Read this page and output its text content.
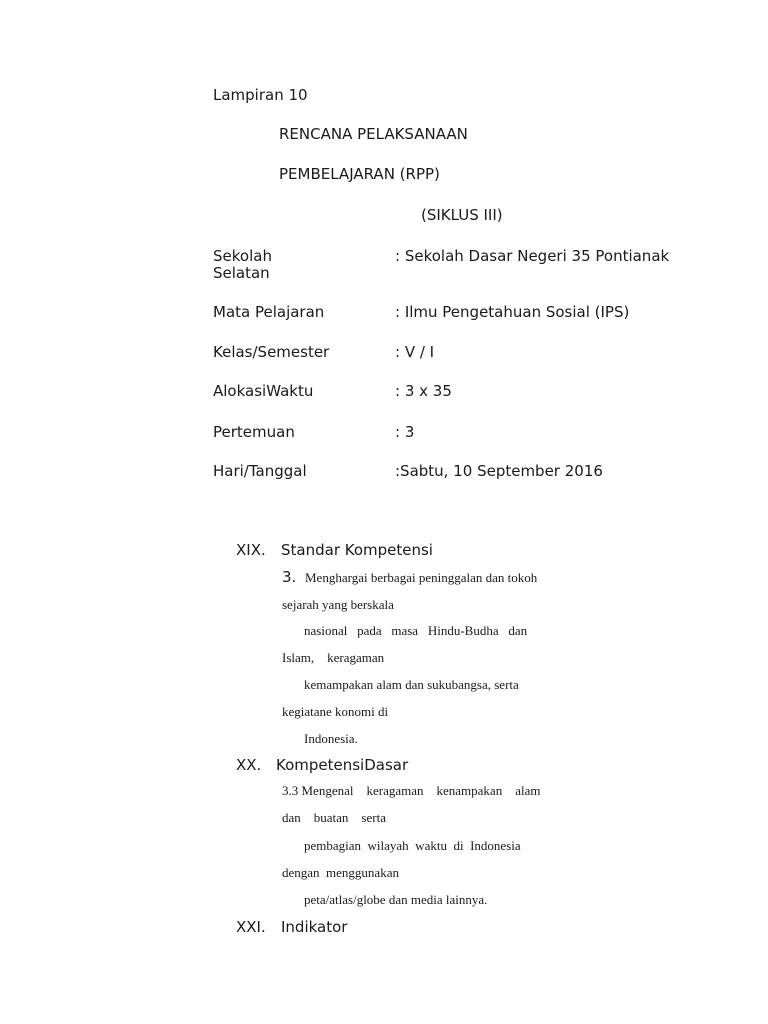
Lampiran 10
RENCANA PELAKSANAAN
PEMBELAJARAN (RPP)
(SIKLUS III)
Sekolah	: Sekolah Dasar Negeri 35 Pontianak
Selatan
Mata Pelajaran	: Ilmu Pengetahuan Sosial (IPS)
Kelas/Semester	: V / I
AlokasiWaktu	: 3 x 35
Pertemuan	: 3
Hari/Tanggal	:Sabtu, 10 September 2016
XIX. Standar Kompetensi
3. Menghargai berbagai peninggalan dan tokoh
sejarah yang berskala
nasional   pada   masa   Hindu-Budha   dan
Islam,    keragaman
kemampakan alam dan sukubangsa, serta
kegiatane konomi di
Indonesia.
XX. KompetensiDasar
3.3 Mengenal    keragaman    kenampakan    alam
dan    buatan    serta
pembagian  wilayah  waktu  di  Indonesia
dengan  menggunakan
peta/atlas/globe dan media lainnya.
XXI. Indikator
